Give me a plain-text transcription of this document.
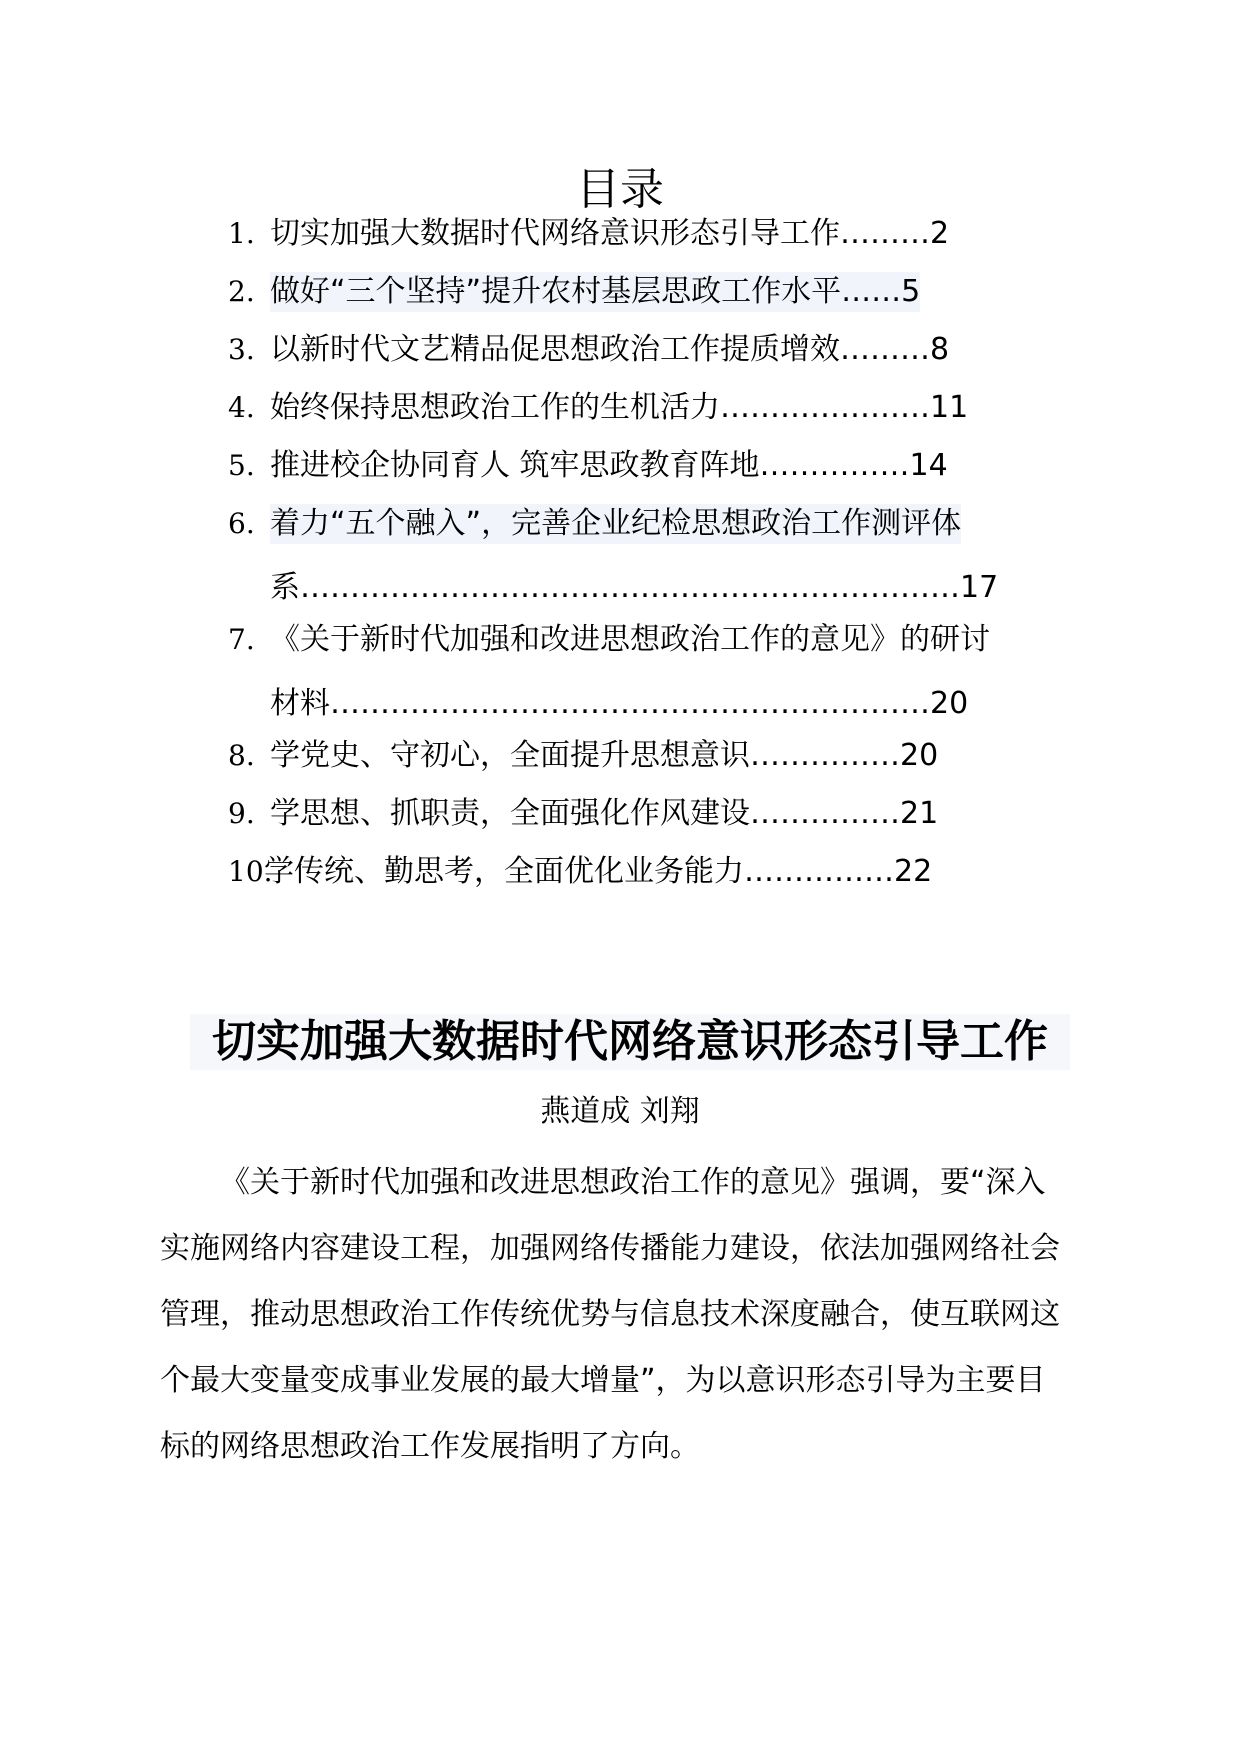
目录
1. 切实加强大数据时代网络意识形态引导工作………2
2. 做好“三个坚持”提升农村基层思政工作水平……5
3. 以新时代文艺精品促思想政治工作提质增效………8
4. 始终保持思想政治工作的生机活力…………………11
5. 推进校企协同育人 筑牢思政教育阵地……………14
6. 着力“五个融入”，完善企业纪检思想政治工作测评体
系…………………………………………………………17
7. 《关于新时代加强和改进思想政治工作的意见》的研讨
材料……………………………………………………20
8. 学党史、守初心，全面提升思想意识……………20
9. 学思想、抓职责，全面强化作风建设……………21
10.
学传统、勤思考，全面优化业务能力……………22
切实加强大数据时代网络意识形态引导工作
燕道成 刘翔

《关于新时代加强和改进思想政治工作的意见》强调，要“深入实施网络内容建设工程，加强网络传播能力建设，依法加强网络社会管理，推动思想政治工作传统优势与信息技术深度融合，使互联网这个最大变量变成事业发展的最大增量”，为以意识形态引导为主要目标的网络思想政治工作发展指明了方向。
